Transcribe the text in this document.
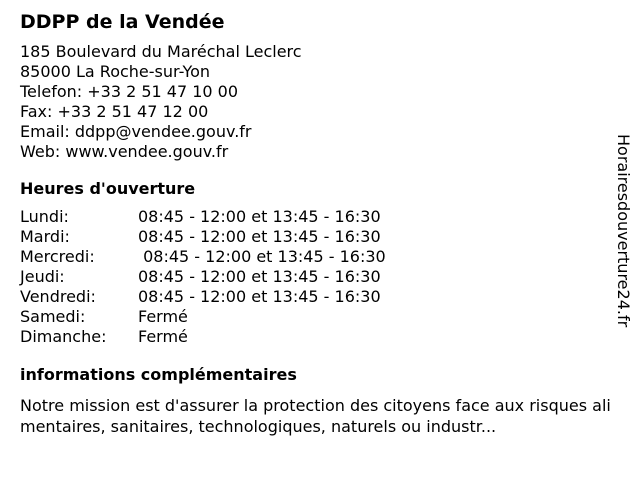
DDPP de la Vendée
185 Boulevard du Maréchal Leclerc
85000 La Roche-sur-Yon
Telefon: +33 2 51 47 10 00
Fax: +33 2 51 47 12 00
Email: ddpp@vendee.gouv.fr
Web: www.vendee.gouv.fr
Heures d'ouverture
Lundi:	08:45 - 12:00 et 13:45 - 16:30
Mardi:	08:45 - 12:00 et 13:45 - 16:30
Mercredi:	08:45 - 12:00 et 13:45 - 16:30
Jeudi:	08:45 - 12:00 et 13:45 - 16:30
Vendredi:	08:45 - 12:00 et 13:45 - 16:30
Samedi:	Fermé
Dimanche:	Fermé
informations complémentaires
Notre mission est d'assurer la protection des citoyens face aux risques alimentaires, sanitaires, technologiques, naturels ou industr...
Horairesdouverture24.fr
